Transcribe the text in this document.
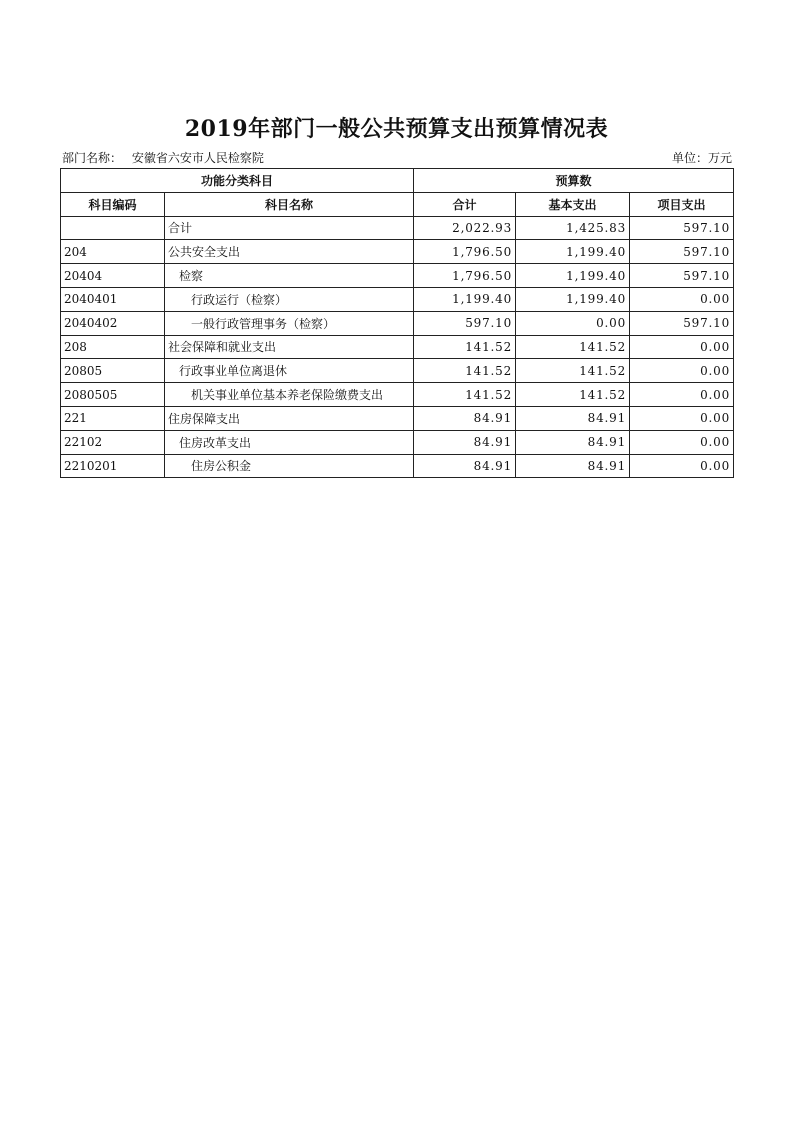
2019年部门一般公共预算支出预算情况表
部门名称： 安徽省六安市人民检察院	单位：万元
功能分类科目		预算数		
科目编码	科目名称	合计	基本支出	项目支出
	合计	2,022.93	1,425.83	597.10
204	公共安全支出	1,796.50	1,199.40	597.10
20404	检察	1,796.50	1,199.40	597.10
2040401	行政运行（检察）	1,199.40	1,199.40	0.00
2040402	一般行政管理事务（检察）	597.10	0.00	597.10
208	社会保障和就业支出	141.52	141.52	0.00
20805	行政事业单位离退休	141.52	141.52	0.00
2080505	机关事业单位基本养老保险缴费支出	141.52	141.52	0.00
221	住房保障支出	84.91	84.91	0.00
22102	住房改革支出	84.91	84.91	0.00
2210201	住房公积金	84.91	84.91	0.00
